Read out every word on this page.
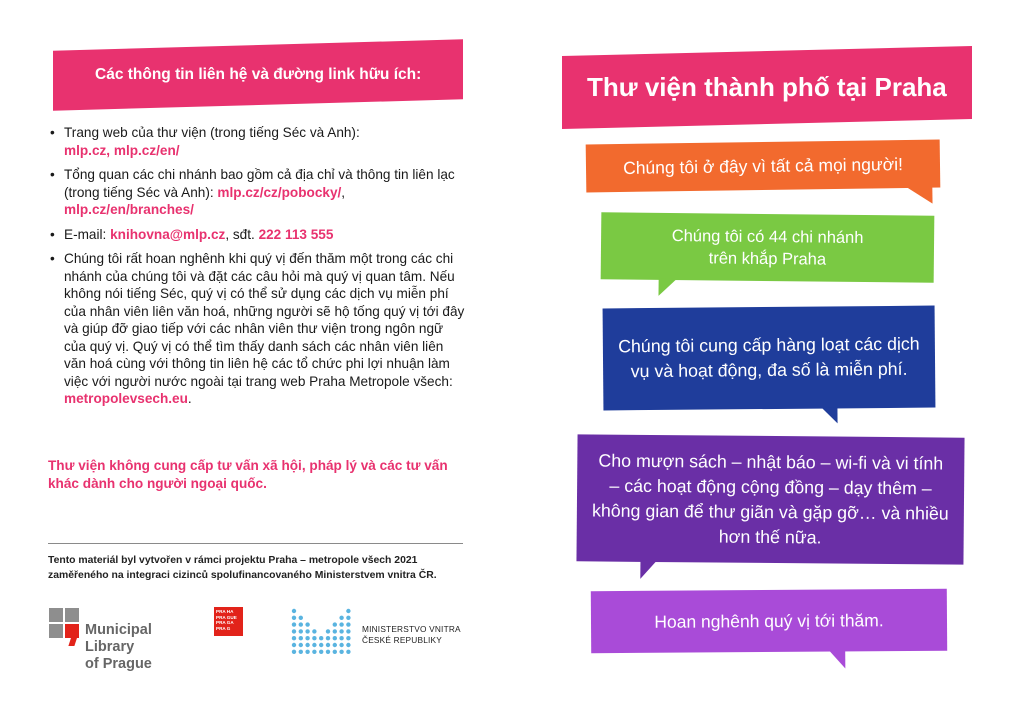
Các thông tin liên hệ và đường link hữu ích:
• Trang web của thư viện (trong tiếng Séc và Anh):
mlp.cz, mlp.cz/en/
• Tổng quan các chi nhánh bao gồm cả địa chỉ và thông tin liên lạc (trong tiếng Séc và Anh): mlp.cz/cz/pobocky/,
mlp.cz/en/branches/
• E-mail: knihovna@mlp.cz, sđt. 222 113 555
• Chúng tôi rất hoan nghênh khi quý vị đến thăm một trong các chi nhánh của chúng tôi và đặt các câu hỏi mà quý vị quan tâm. Nếu không nói tiếng Séc, quý vị có thể sử dụng các dịch vụ miễn phí của nhân viên liên văn hoá, những người sẽ hộ tống quý vị tới đây và giúp đỡ giao tiếp với các nhân viên thư viện trong ngôn ngữ của quý vị. Quý vị có thể tìm thấy danh sách các nhân viên liên văn hoá cùng với thông tin liên hệ các tổ chức phi lợi nhuận làm việc với người nước ngoài tại trang web Praha Metropole všech: metropolevsech.eu.
Thư viện không cung cấp tư vấn xã hội, pháp lý và các tư vấn khác dành cho người ngoại quốc.
Tento materiál byl vytvořen v rámci projektu Praha – metropole všech 2021 zaměřeného na integraci cizinců spolufinancovaného Ministerstvem vnitra ČR.
Municipal
Library
of Prague
PRA HA
PRA GUE
PRA GA
PRA G	MINISTERSTVO VNITRA
ČESKÉ REPUBLIKY
Thư viện thành phố tại Praha
Chúng tôi ở đây vì tất cả mọi người!
Chúng tôi có 44 chi nhánh trên khắp Praha
Chúng tôi cung cấp hàng loạt các dịch vụ và hoạt động, đa số là miễn phí.
Cho mượn sách – nhật báo – wi-fi và vi tính – các hoạt động cộng đồng – dạy thêm – không gian để thư giãn và gặp gỡ… và nhiều hơn thế nữa.
Hoan nghênh quý vị tới thăm.
